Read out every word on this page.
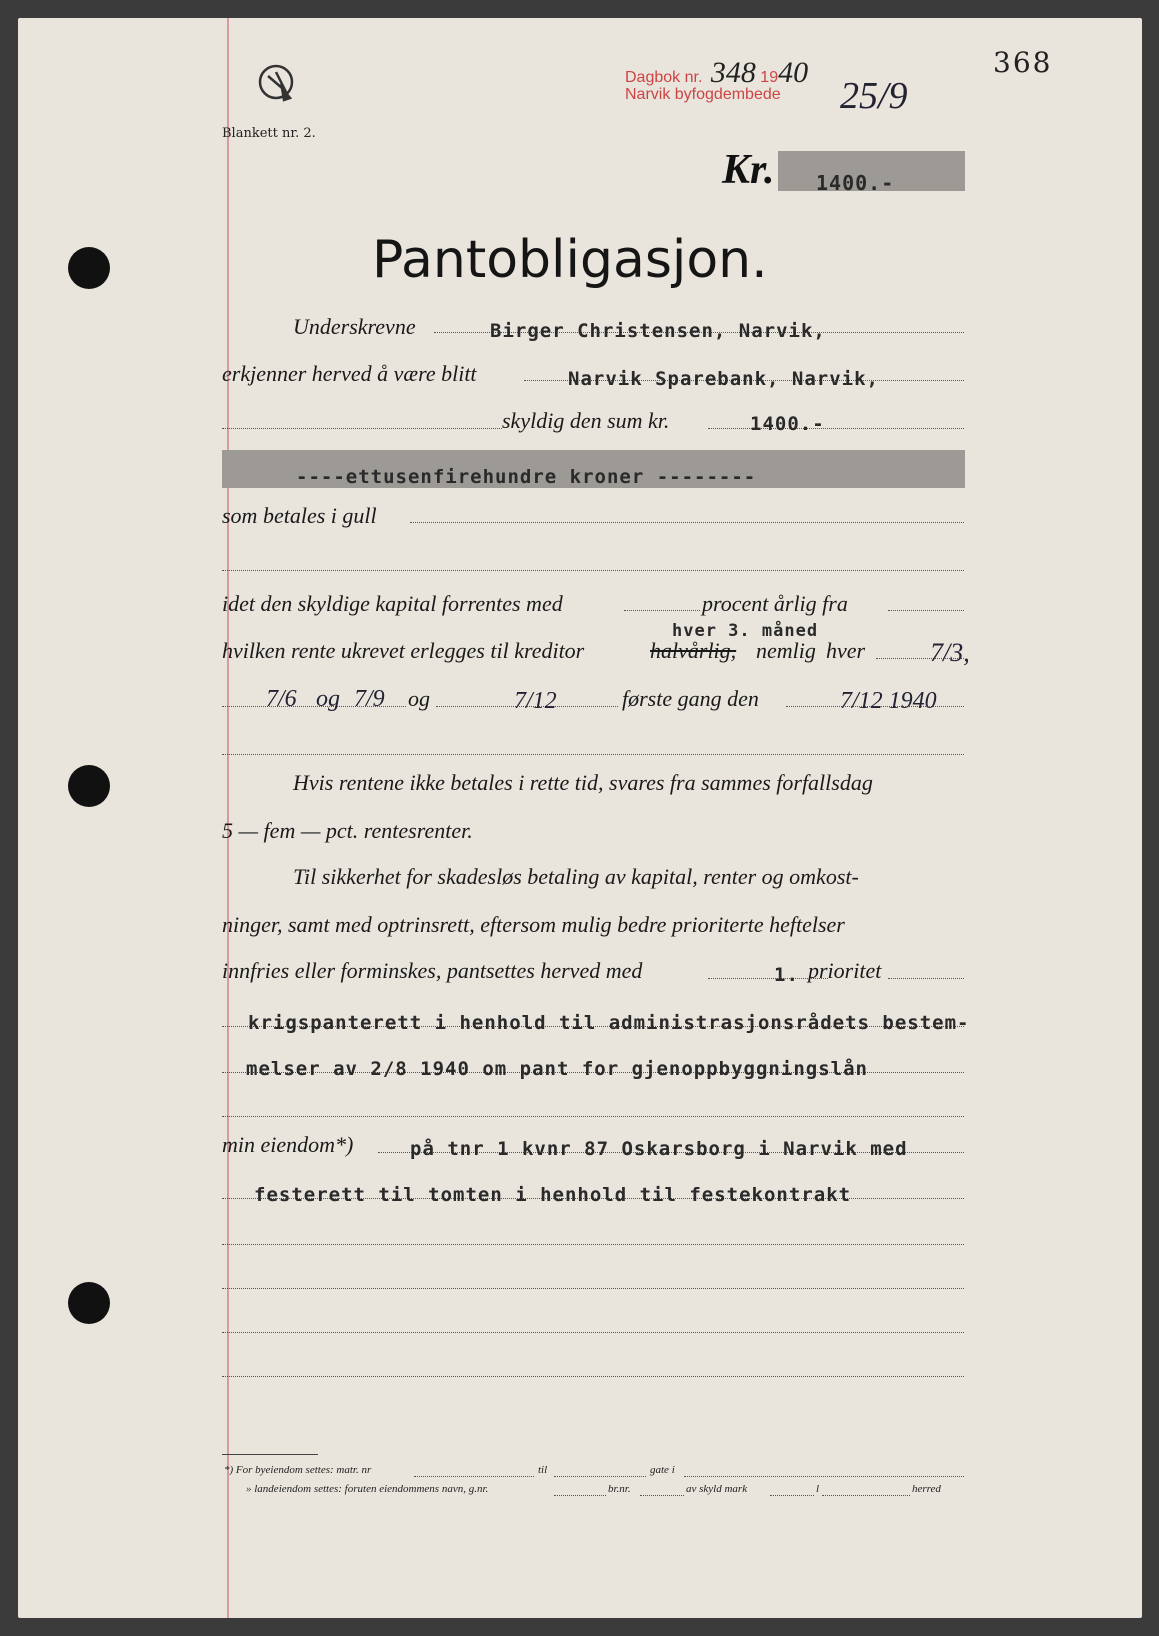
Blankett nr. 2.
Dagbok nr. 348 1940
Narvik byfogdembede 25/9
368
Kr. 1400.-
Pantobligasjon.
Underskrevne	Birger Christensen, Narvik,
erkjenner herved å være blitt	Narvik Sparebank, Narvik,
skyldig den sum kr.	1400.-
----ettusenfirehundre kroner --------
som betales i gull
idet den skyldige kapital forrentes med	procent årlig fra
hver 3. måned
hvilken rente ukrevet erlegges til kreditor	halvårlig, nemlig hver 7/3,
7/6 og 7/9 og	7/12	første gang den	7/12 1940
Hvis rentene ikke betales i rette tid, svares fra sammes forfallsdag
5 — fem — pct. rentesrenter.
Til sikkerhet for skadesløs betaling av kapital, renter og omkost-
ninger, samt med optrinsrett, eftersom mulig bedre prioriterte heftelser
innfries eller forminskes, pantsettes herved med	1. prioritet
krigspanterett i henhold til administrasjonsrådets bestem-
melser av 2/8 1940 om pant for gjenoppbyggningslån
min eiendom*)	på tnr 1 kvnr 87 Oskarsborg i Narvik med
festerett til tomten i henhold til festekontrakt
*) For byeiendom settes: matr. nr	til	gate i
» landeiendom settes: foruten eiendommens navn, g.nr.	br.nr.	av skyld mark	l	herred
